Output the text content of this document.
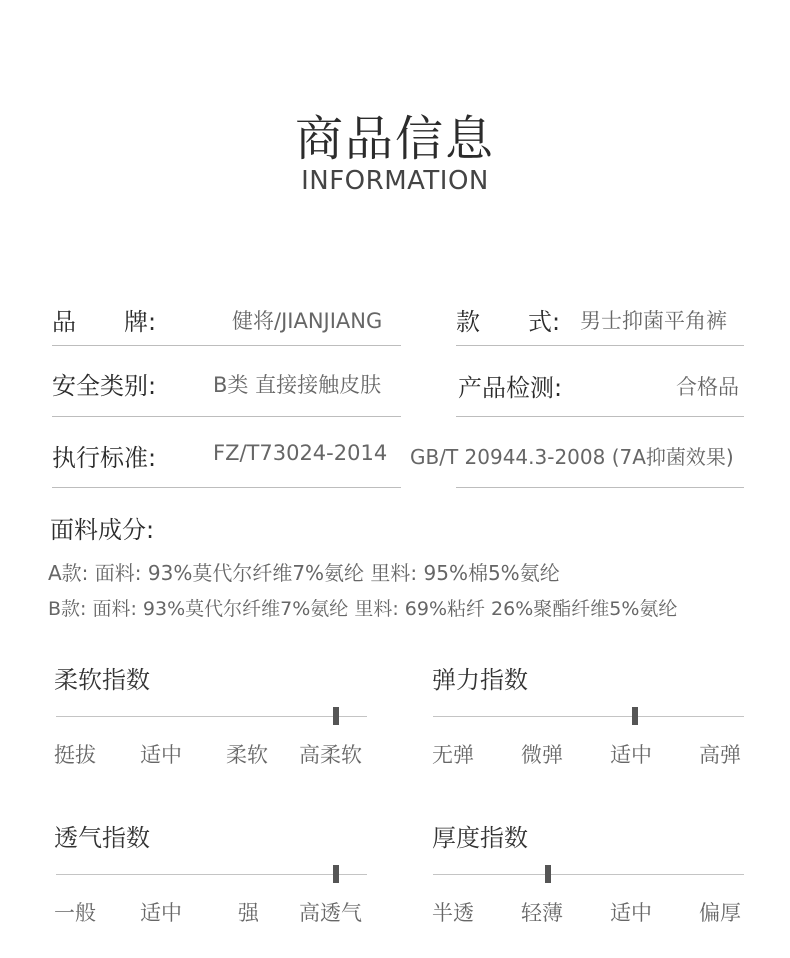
商品信息
INFORMATION
品　　牌:	健将/JIANJIANG	款　　式: 男士抑菌平角裤
安全类别:	B类 直接接触皮肤	产品检测:	合格品
执行标准:	FZ/T73024-2014 GB/T 20944.3-2008 (7A抑菌效果)
面料成分:
A款: 面料: 93%莫代尔纤维7%氨纶 里料: 95%棉5%氨纶
B款: 面料: 93%莫代尔纤维7%氨纶 里料: 69%粘纤 26%聚酯纤维5%氨纶
柔软指数
挺拔 适中 柔软 高柔软
弹力指数
无弹 微弹 适中 高弹
透气指数
一般 适中	强 高透气
厚度指数
半透 轻薄 适中 偏厚
